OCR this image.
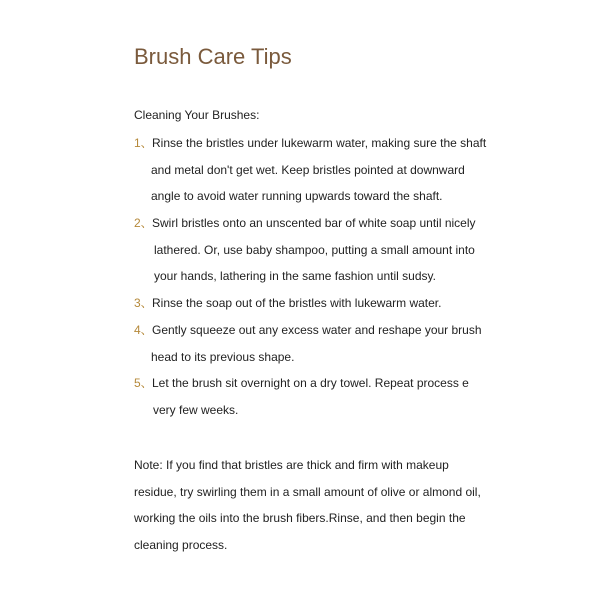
Brush Care Tips
Cleaning Your Brushes:
1、 Rinse the bristles under lukewarm water, making sure the shaft
and metal don't get wet. Keep bristles pointed at downward
angle to avoid water running upwards toward the shaft.
2、 Swirl bristles onto an unscented bar of white soap until nicely
lathered. Or, use baby shampoo, putting a small amount into
your hands, lathering in the same fashion until sudsy.
3、 Rinse the soap out of the bristles with lukewarm water.
4、 Gently squeeze out any excess water and reshape your brush
head to its previous shape.
5、 Let the brush sit overnight on a dry towel. Repeat process e
very few weeks.
Note: If you find that bristles are thick and firm with makeup
residue, try swirling them in a small amount of olive or almond oil,
working the oils into the brush fibers.Rinse, and then begin the
cleaning process.
